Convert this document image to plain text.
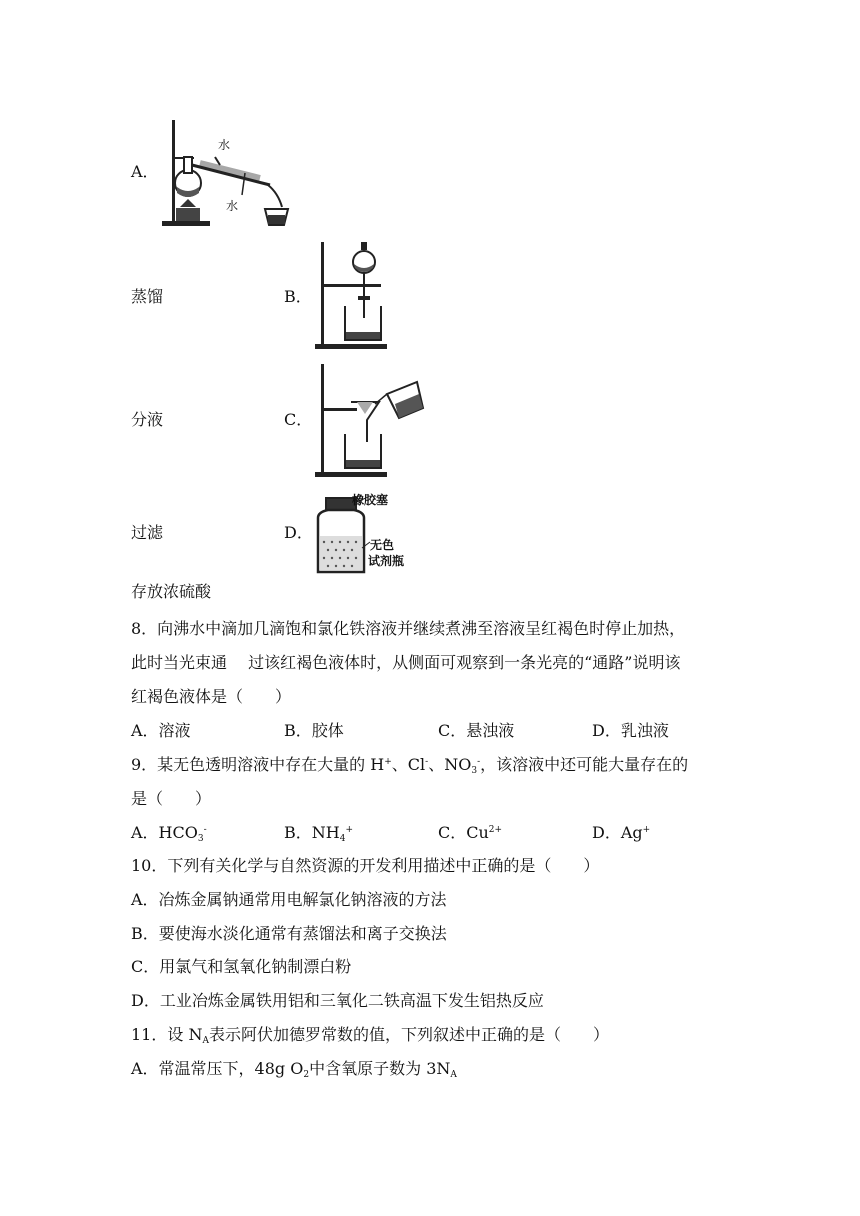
A．
水
水
蒸馏	B．
分液	C．
过滤	D．
橡胶塞
无色
试剂瓶
存放浓硫酸
8．向沸水中滴加几滴饱和氯化铁溶液并继续煮沸至溶液呈红褐色时停止加热，
此时当光束通　 过该红褐色液体时，从侧面可观察到一条光亮的“通路”说明该
红褐色液体是（　　）
A．溶液	B．胶体	C．悬浊液	D．乳浊液
9．某无色透明溶液中存在大量的 H+、Cl-、$NO_3^-$，该溶液中还可能大量存在的
是（　　）
A．$HCO_3^-$	B．$NH_4^+$	C．$Cu^{2+}$	D．Ag+
10．下列有关化学与自然资源的开发利用描述中正确的是（　　）
A．冶炼金属钠通常用电解氯化钠溶液的方法
B．要使海水淡化通常有蒸馏法和离子交换法
C．用氯气和氢氧化钠制漂白粉
D．工业冶炼金属铁用铝和三氧化二铁高温下发生铝热反应
11．设 $N_A$表示阿伏加德罗常数的值，下列叙述中正确的是（　　）
A．常温常压下，48g $O_2$中含氧原子数为 $3N_A$
